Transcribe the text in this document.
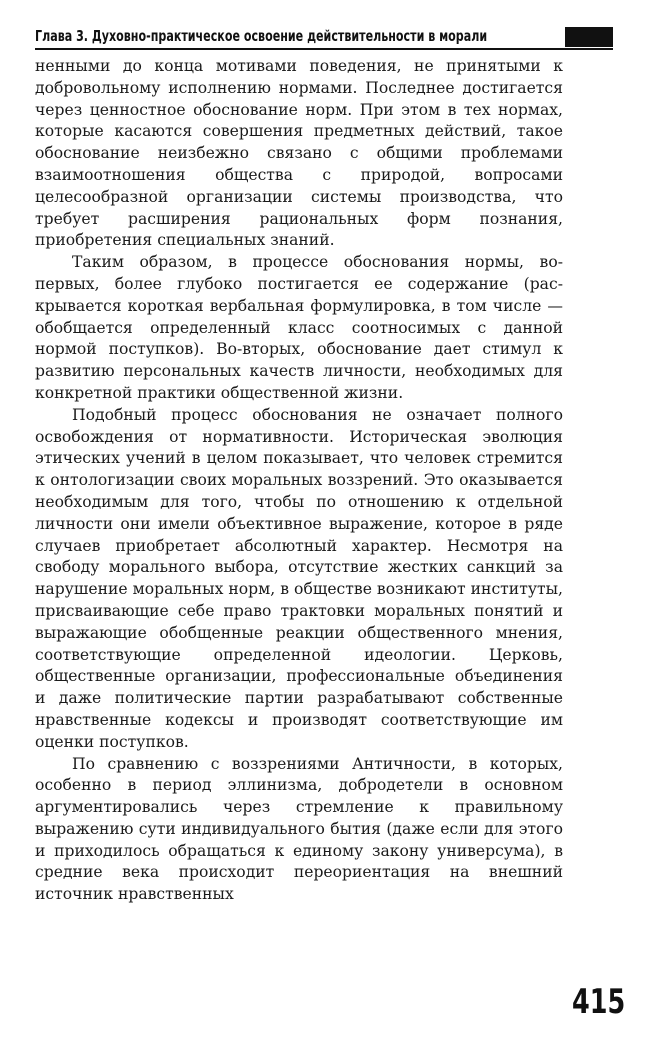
Глава 3. Духовно-практическое освоение действительности в морали

ненными до конца мотивами поведения, не принятыми к добровольному исполнению нормами. Последнее достигается через ценностное обоснование норм. При этом в тех нормах, которые касаются совершения предметных действий, такое обоснование неизбежно связано с общими проблемами взаимоотношения общества с природой, вопросами целесообразной организации системы производства, что требует расширения рациональных форм познания, приобретения специальных знаний.

Таким образом, в процессе обоснования нормы, во-первых, более глубоко постигается ее содержание (раскрывается короткая вербальная формулировка, в том числе — обобщается определенный класс соотносимых с данной нормой поступков). Во-вторых, обоснование дает стимул к развитию персональных качеств личности, необходимых для конкретной практики общественной жизни.

Подобный процесс обоснования не означает полного освобождения от нормативности. Историческая эволюция этических учений в целом показывает, что человек стремится к онтологизации своих моральных воззрений. Это оказывается необходимым для того, чтобы по отношению к отдельной личности они имели объективное выражение, которое в ряде случаев приобретает абсолютный характер. Несмотря на свободу морального выбора, отсутствие жестких санкций за нарушение моральных норм, в обществе возникают институты, присваивающие себе право трактовки моральных понятий и выражающие обобщенные реакции общественного мнения, соответствующие определенной идеологии. Церковь, общественные организации, профессиональные объединения и даже политические партии разрабатывают собственные нравственные кодексы и производят соответствующие им оценки поступков.

По сравнению с воззрениями Античности, в которых, особенно в период эллинизма, добродетели в основном аргументировались через стремление к правильному выражению сути индивидуального бытия (даже если для этого и приходилось обращаться к единому закону универсума), в средние века происходит переориентация на внешний источник нравственных

415
